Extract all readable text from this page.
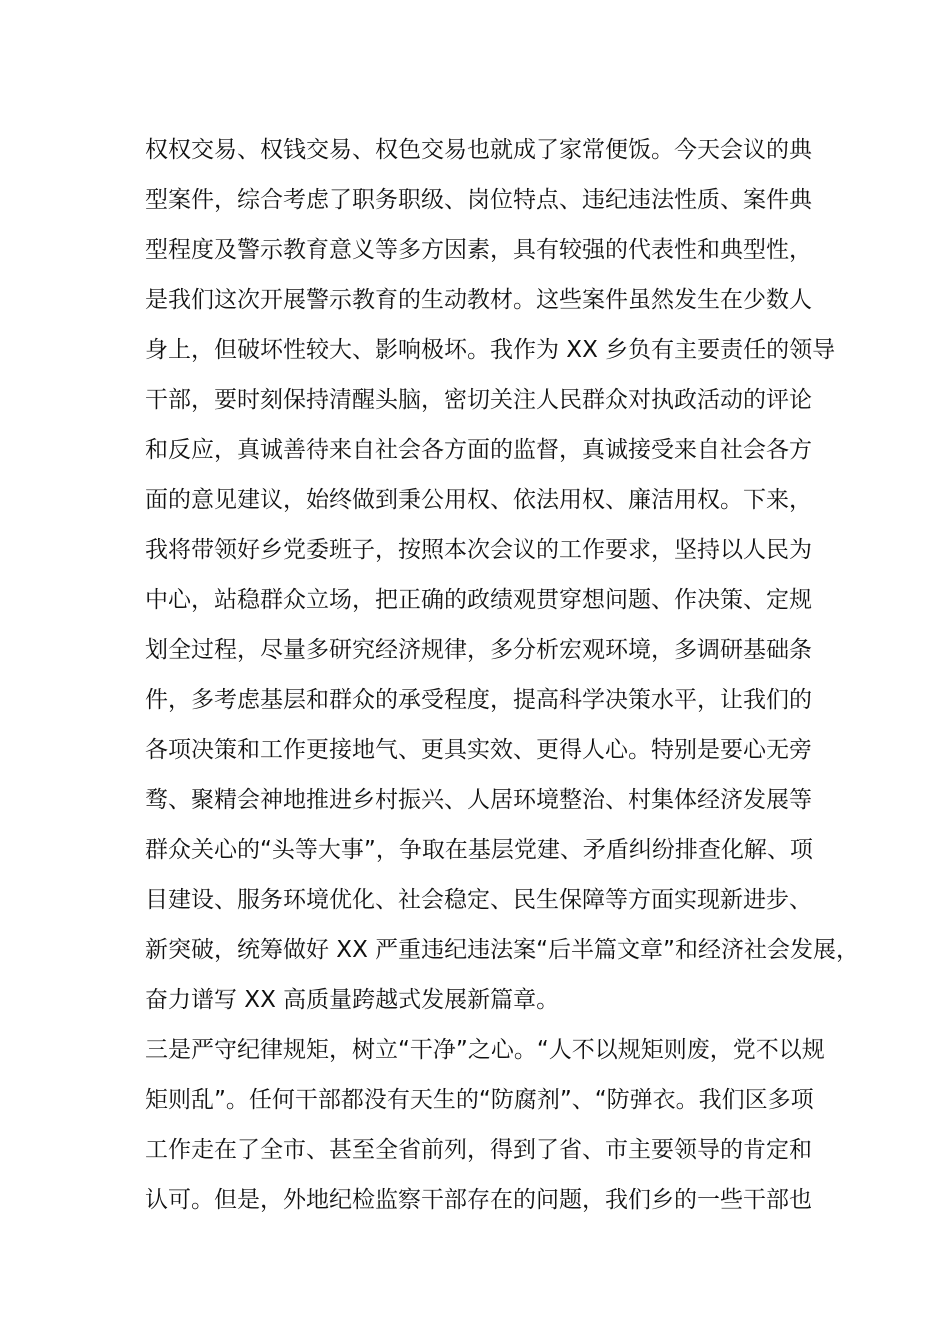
权权交易、权钱交易、权色交易也就成了家常便饭。今天会议的典
型案件，综合考虑了职务职级、岗位特点、违纪违法性质、案件典
型程度及警示教育意义等多方因素，具有较强的代表性和典型性，
是我们这次开展警示教育的生动教材。这些案件虽然发生在少数人
身上，但破坏性较大、影响极坏。我作为 XX 乡负有主要责任的领导
干部，要时刻保持清醒头脑，密切关注人民群众对执政活动的评论
和反应，真诚善待来自社会各方面的监督，真诚接受来自社会各方
面的意见建议，始终做到秉公用权、依法用权、廉洁用权。下来，
我将带领好乡党委班子，按照本次会议的工作要求，坚持以人民为
中心，站稳群众立场，把正确的政绩观贯穿想问题、作决策、定规
划全过程，尽量多研究经济规律，多分析宏观环境，多调研基础条
件，多考虑基层和群众的承受程度，提高科学决策水平，让我们的
各项决策和工作更接地气、更具实效、更得人心。特别是要心无旁
骛、聚精会神地推进乡村振兴、人居环境整治、村集体经济发展等
群众关心的“头等大事”，争取在基层党建、矛盾纠纷排查化解、项
目建设、服务环境优化、社会稳定、民生保障等方面实现新进步、
新突破，统筹做好 XX 严重违纪违法案“后半篇文章”和经济社会发展，
奋力谱写 XX 高质量跨越式发展新篇章。
三是严守纪律规矩，树立“干净”之心。“人不以规矩则废，党不以规
矩则乱”。任何干部都没有天生的“防腐剂”、“防弹衣。我们区多项
工作走在了全市、甚至全省前列，得到了省、市主要领导的肯定和
认可。但是，外地纪检监察干部存在的问题，我们乡的一些干部也
